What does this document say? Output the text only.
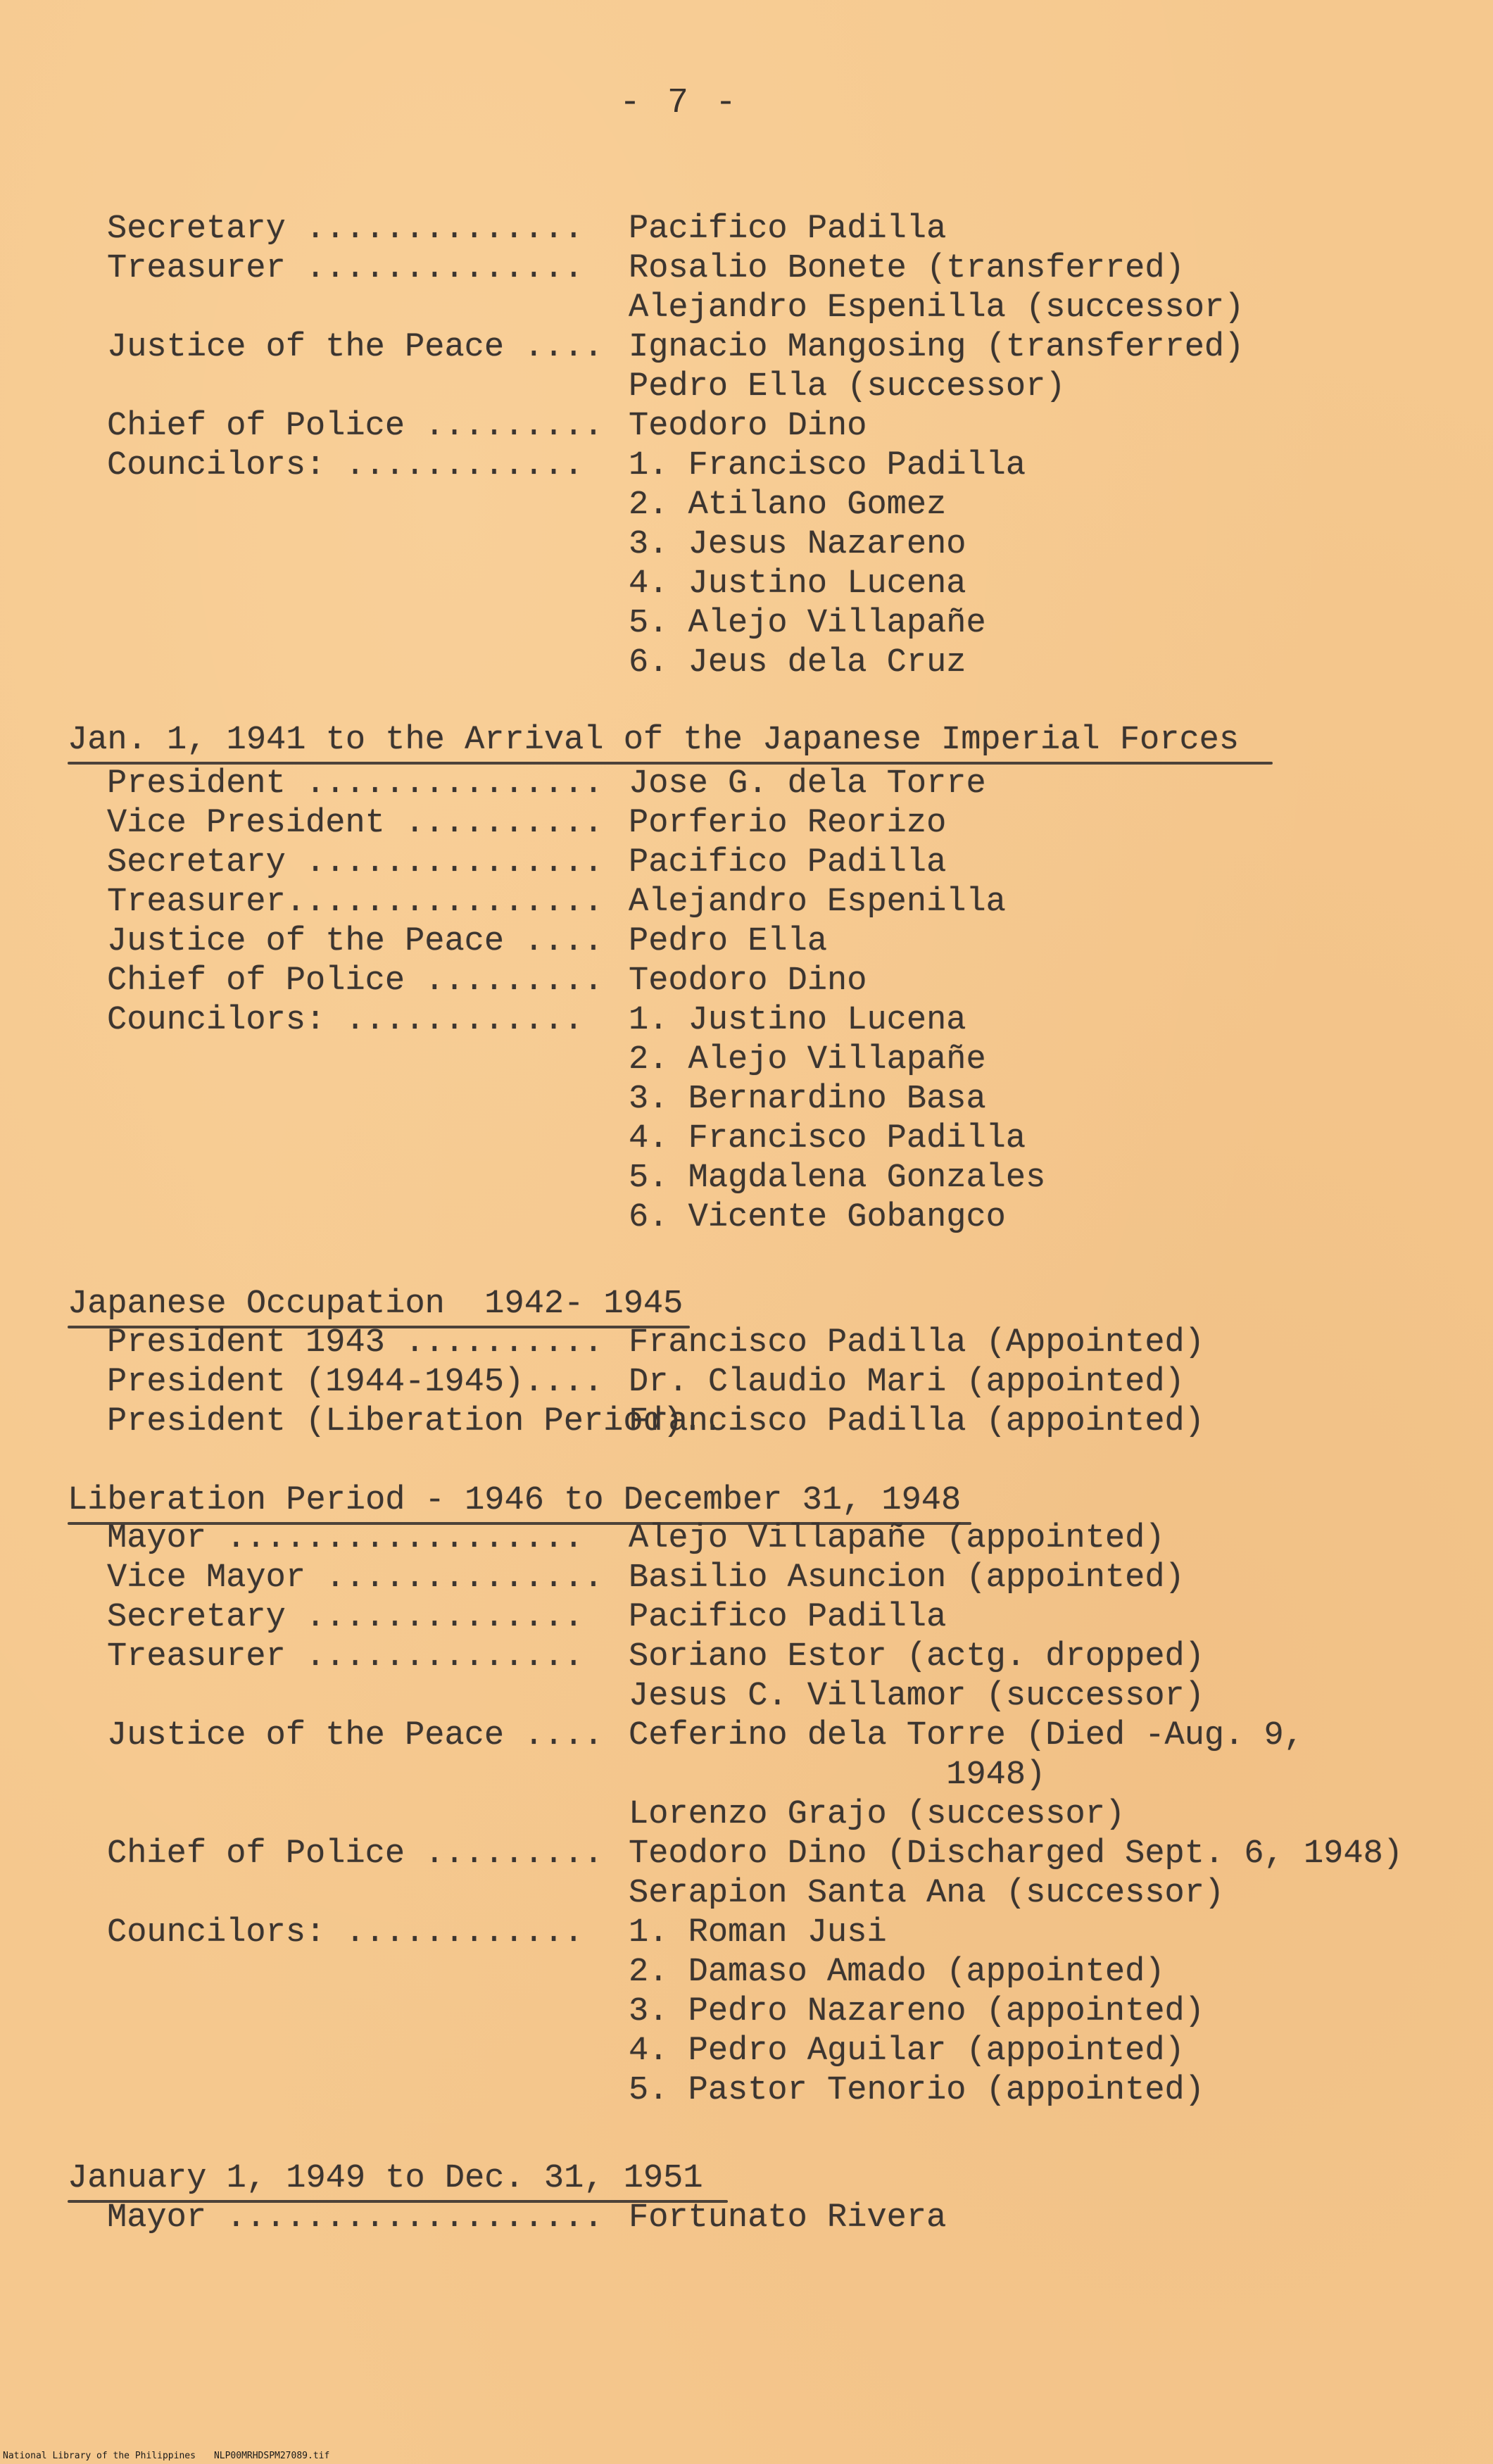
- 7 -
Secretary .............. Pacifico Padilla
Treasurer .............. Rosalio Bonete (transferred)
Alejandro Espenilla (successor)
Justice of the Peace .... Ignacio Mangosing (transferred)
Pedro Ella (successor)
Chief of Police ......... Teodoro Dino
Councilors: ............ 1. Francisco Padilla
2. Atilano Gomez
3. Jesus Nazareno
4. Justino Lucena
5. Alejo Villapañe
6. Jeus dela Cruz
Jan. 1, 1941 to the Arrival of the Japanese Imperial Forces
President ............... Jose G. dela Torre
Vice President .......... Porferio Reorizo
Secretary ............... Pacifico Padilla
Treasurer................ Alejandro Espenilla
Justice of the Peace .... Pedro Ella
Chief of Police ......... Teodoro Dino
Councilors: ............ 1. Justino Lucena
2. Alejo Villapañe
3. Bernardino Basa
4. Francisco Padilla
5. Magdalena Gonzales
6. Vicente Gobangco
Japanese Occupation  1942- 1945
President 1943 .......... Francisco Padilla (Appointed)
President (1944-1945).... Dr. Claudio Mari (appointed)
President (Liberation Period)..
Francisco Padilla (appointed)
Liberation Period - 1946 to December 31, 1948
Mayor .................. Alejo Villapañe (appointed)
Vice Mayor .............. Basilio Asuncion (appointed)
Secretary .............. Pacifico Padilla
Treasurer .............. Soriano Estor (actg. dropped)
Jesus C. Villamor (successor)
Justice of the Peace .... Ceferino dela Torre (Died -Aug. 9,
1948)
Lorenzo Grajo (successor)
Chief of Police ......... Teodoro Dino (Discharged Sept. 6, 1948)
Serapion Santa Ana (successor)
Councilors: ............ 1. Roman Jusi
2. Damaso Amado (appointed)
3. Pedro Nazareno (appointed)
4. Pedro Aguilar (appointed)
5. Pastor Tenorio (appointed)
January 1, 1949 to Dec. 31, 1951
Mayor ................... Fortunato Rivera
National Library of the Philippines NLP00MRHDSPM27089.tif
